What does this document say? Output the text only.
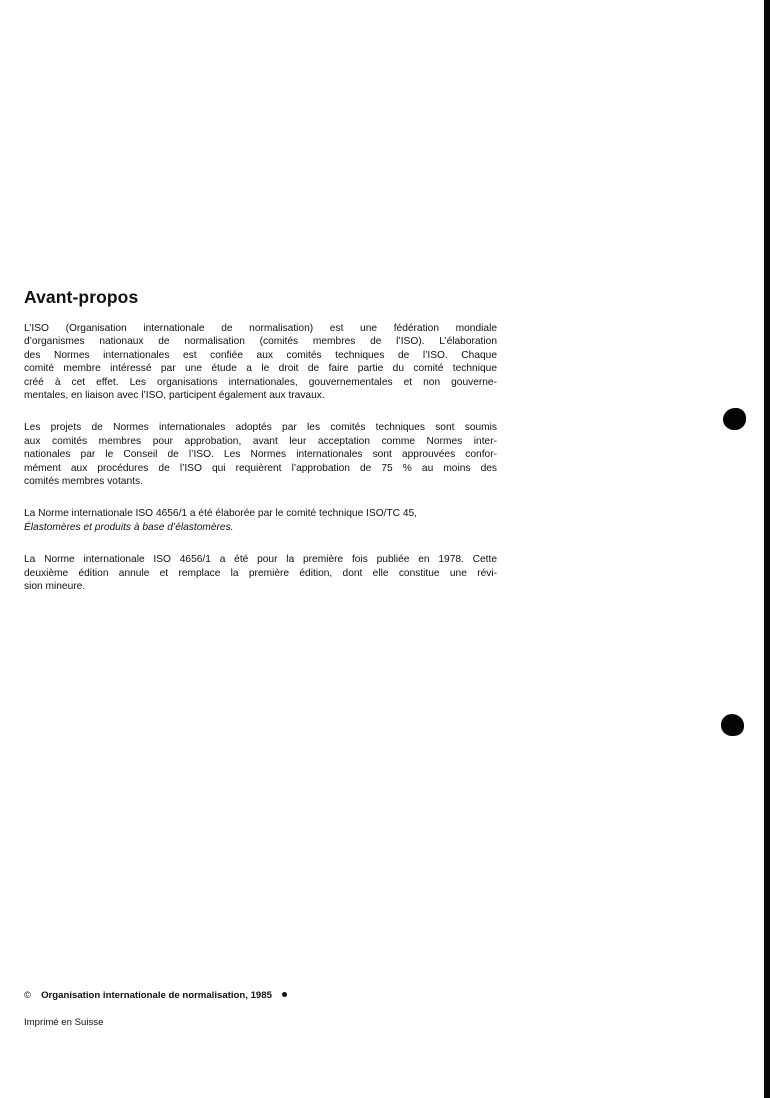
Avant-propos

L’ISO (Organisation internationale de normalisation) est une fédération mondiale
d’organismes nationaux de normalisation (comités membres de l’ISO). L’élaboration
des Normes internationales est confiée aux comités techniques de l’ISO. Chaque
comité membre intéressé par une étude a le droit de faire partie du comité technique
créé à cet effet. Les organisations internationales, gouvernementales et non gouverne-
mentales, en liaison avec l’ISO, participent également aux travaux.

Les projets de Normes internationales adoptés par les comités techniques sont soumis
aux comités membres pour approbation, avant leur acceptation comme Normes inter-
nationales par le Conseil de l’ISO. Les Normes internationales sont approuvées confor-
mément aux procédures de l’ISO qui requièrent l’approbation de 75 % au moins des
comités membres votants.

La Norme internationale ISO 4656/1 a été élaborée par le comité technique ISO/TC 45,
Élastomères et produits à base d’élastomères.

La Norme internationale ISO 4656/1 a été pour la première fois publiée en 1978. Cette
deuxième édition annule et remplace la première édition, dont elle constitue une révi-
sion mineure.

© Organisation internationale de normalisation, 1985
Imprimé en Suisse
